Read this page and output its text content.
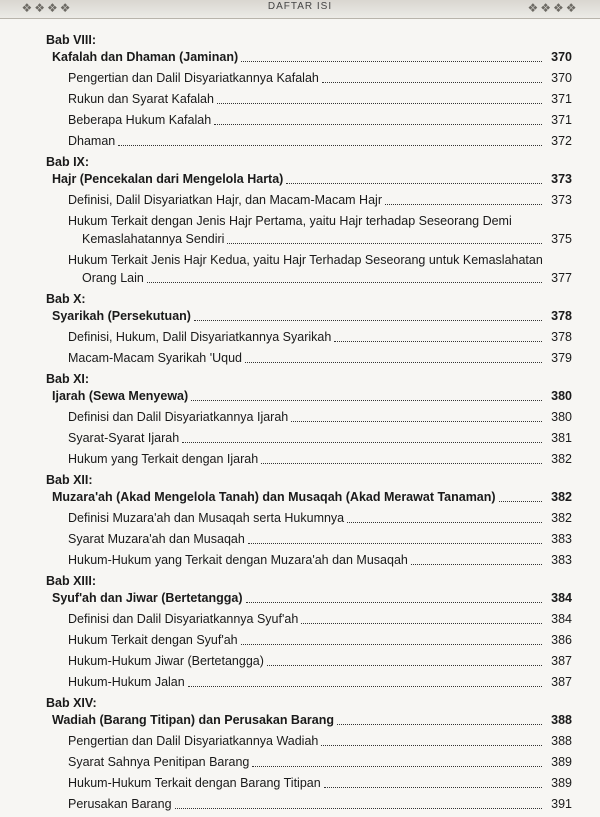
❖❖❖❖	DAFTAR ISI	❖❖❖❖
Bab VIII:
Kafalah dan Dhaman (Jaminan)	370
Pengertian dan Dalil Disyariatkannya Kafalah	370
Rukun dan Syarat Kafalah	371
Beberapa Hukum Kafalah	371
Dhaman	372
Bab IX:
Hajr (Pencekalan dari Mengelola Harta)	373
Definisi, Dalil Disyariatkan Hajr, dan Macam-Macam Hajr	373
Hukum Terkait dengan Jenis Hajr Pertama, yaitu Hajr terhadap Seseorang Demi
Kemaslahatannya Sendiri	375
Hukum Terkait Jenis Hajr Kedua, yaitu Hajr Terhadap Seseorang untuk Kemaslahatan
Orang Lain	377
Bab X:
Syarikah (Persekutuan)	378
Definisi, Hukum, Dalil Disyariatkannya Syarikah	378
Macam-Macam Syarikah 'Uqud	379
Bab XI:
Ijarah (Sewa Menyewa)	380
Definisi dan Dalil Disyariatkannya Ijarah	380
Syarat-Syarat Ijarah	381
Hukum yang Terkait dengan Ijarah	382
Bab XII:
Muzara'ah (Akad Mengelola Tanah) dan Musaqah (Akad Merawat Tanaman)	382
Definisi Muzara'ah dan Musaqah serta Hukumnya	382
Syarat Muzara'ah dan Musaqah	383
Hukum-Hukum yang Terkait dengan Muzara'ah dan Musaqah	383
Bab XIII:
Syuf'ah dan Jiwar (Bertetangga)	384
Definisi dan Dalil Disyariatkannya Syuf'ah	384
Hukum Terkait dengan Syuf'ah	386
Hukum-Hukum Jiwar (Bertetangga)	387
Hukum-Hukum Jalan	387
Bab XIV:
Wadiah (Barang Titipan) dan Perusakan Barang	388
Pengertian dan Dalil Disyariatkannya Wadiah	388
Syarat Sahnya Penitipan Barang	389
Hukum-Hukum Terkait dengan Barang Titipan	389
Perusakan Barang	391
